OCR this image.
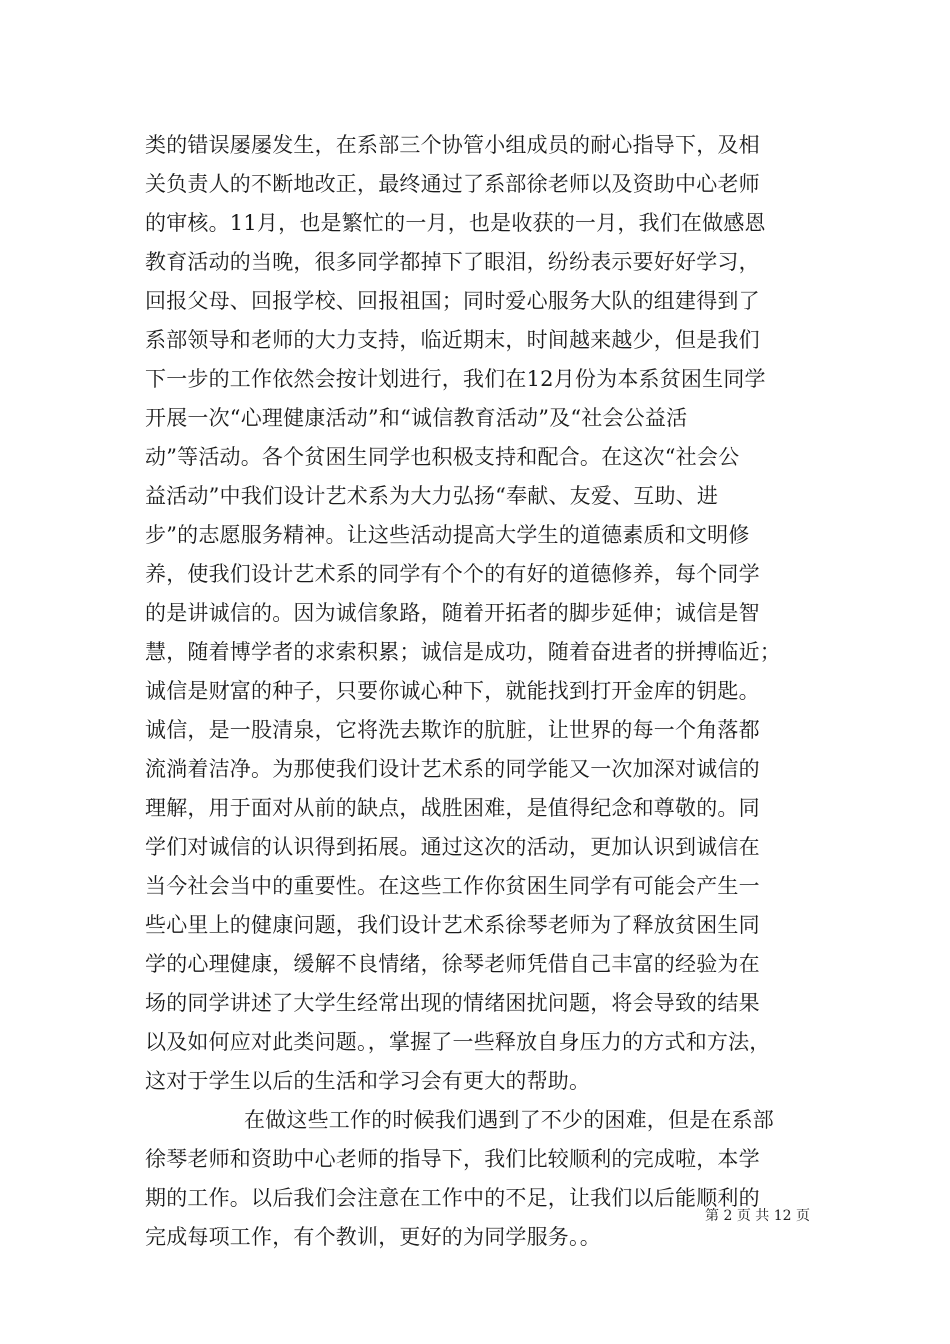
类的错误屡屡发生，在系部三个协管小组成员的耐心指导下，及相
关负责人的不断地改正，最终通过了系部徐老师以及资助中心老师
的审核。11月，也是繁忙的一月，也是收获的一月，我们在做感恩
教育活动的当晚，很多同学都掉下了眼泪，纷纷表示要好好学习，
回报父母、回报学校、回报祖国；同时爱心服务大队的组建得到了
系部领导和老师的大力支持，临近期末，时间越来越少，但是我们
下一步的工作依然会按计划进行，我们在12月份为本系贫困生同学
开展一次“心理健康活动”和“诚信教育活动”及“社会公益活
动”等活动。各个贫困生同学也积极支持和配合。在这次“社会公
益活动”中我们设计艺术系为大力弘扬“奉献、友爱、互助、进
步”的志愿服务精神。让这些活动提高大学生的道德素质和文明修
养，使我们设计艺术系的同学有个个的有好的道德修养，每个同学
的是讲诚信的。因为诚信象路，随着开拓者的脚步延伸；诚信是智
慧，随着博学者的求索积累；诚信是成功，随着奋进者的拼搏临近；
诚信是财富的种子，只要你诚心种下，就能找到打开金库的钥匙。
诚信，是一股清泉，它将洗去欺诈的肮脏，让世界的每一个角落都
流淌着洁净。为那使我们设计艺术系的同学能又一次加深对诚信的
理解，用于面对从前的缺点，战胜困难，是值得纪念和尊敬的。同
学们对诚信的认识得到拓展。通过这次的活动，更加认识到诚信在
当今社会当中的重要性。在这些工作你贫困生同学有可能会产生一
些心里上的健康问题，我们设计艺术系徐琴老师为了释放贫困生同
学的心理健康，缓解不良情绪，徐琴老师凭借自己丰富的经验为在
场的同学讲述了大学生经常出现的情绪困扰问题，将会导致的结果
以及如何应对此类问题。，掌握了一些释放自身压力的方式和方法，
这对于学生以后的生活和学习会有更大的帮助。
在做这些工作的时候我们遇到了不少的困难，但是在系部
徐琴老师和资助中心老师的指导下，我们比较顺利的完成啦，本学
期的工作。以后我们会注意在工作中的不足，让我们以后能顺利的
完成每项工作，有个教训，更好的为同学服务。。
第 2 页 共 12 页
